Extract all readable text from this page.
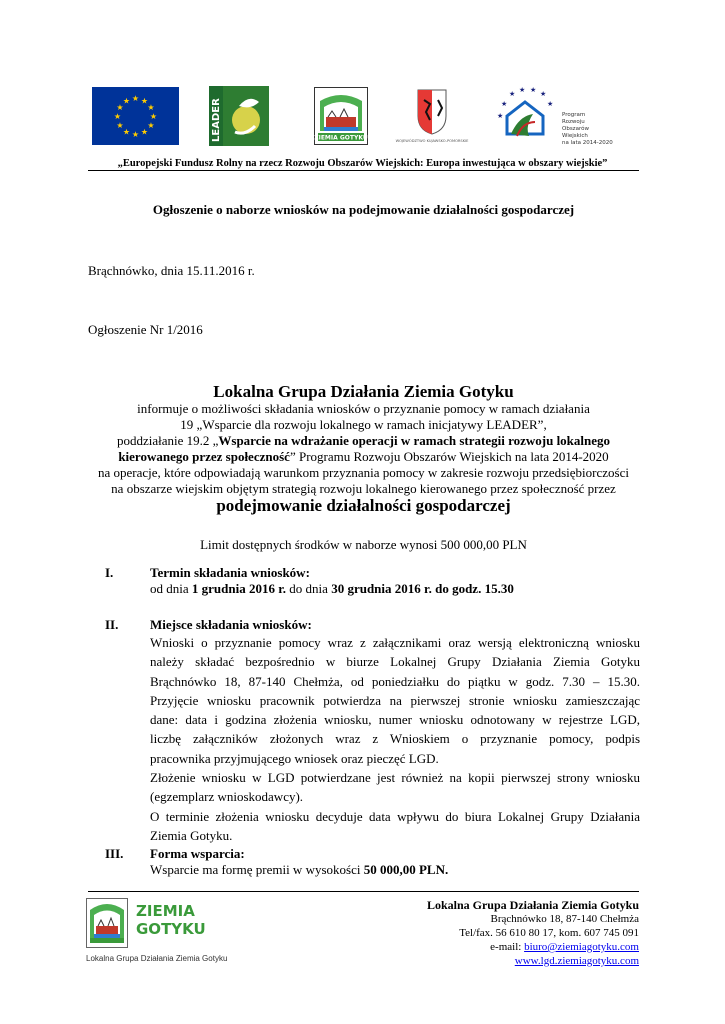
★ ★
★
★
★
★
★
★
★
★
★
★	LEADER	ZIEMIA GOTYKU	WOJEWÓDZTWO KUJAWSKO-POMORSKIE
★ ★ ★ ★
★	★
★	Program
Rozwoju
Obszarów
Wiejskich
na lata 2014-2020
„Europejski Fundusz Rolny na rzecz Rozwoju Obszarów Wiejskich: Europa inwestująca w obszary wiejskie”
Ogłoszenie o naborze wniosków na podejmowanie działalności gospodarczej
Brąchnówko, dnia 15.11.2016 r.
Ogłoszenie Nr 1/2016
Lokalna Grupa Działania Ziemia Gotyku
informuje o możliwości składania wniosków o przyznanie pomocy w ramach działania
19 „Wsparcie dla rozwoju lokalnego w ramach inicjatywy LEADER”,
poddziałanie 19.2 „Wsparcie na wdrażanie operacji w ramach strategii rozwoju lokalnego
kierowanego przez społeczność” Programu Rozwoju Obszarów Wiejskich na lata 2014-2020
na operacje, które odpowiadają warunkom przyznania pomocy w zakresie rozwoju przedsiębiorczości
na obszarze wiejskim objętym strategią rozwoju lokalnego kierowanego przez społeczność przez
podejmowanie działalności gospodarczej
Limit dostępnych środków w naborze wynosi 500 000,00 PLN
I.	Termin składania wniosków:
od dnia 1 grudnia 2016 r. do dnia 30 grudnia 2016 r. do godz. 15.30
II. Miejsce składania wniosków:
Wnioski o przyznanie pomocy wraz z załącznikami oraz wersją elektroniczną wniosku
należy składać bezpośrednio w biurze Lokalnej Grupy Działania Ziemia Gotyku
Brąchnówko 18, 87-140 Chełmża, od poniedziałku do piątku w godz. 7.30 – 15.30.
Przyjęcie wniosku pracownik potwierdza na pierwszej stronie wniosku zamieszczając
dane: data i godzina złożenia wniosku, numer wniosku odnotowany w rejestrze LGD,
liczbę załączników złożonych wraz z Wnioskiem o przyznanie pomocy, podpis
pracownika przyjmującego wniosek oraz pieczęć LGD.
Złożenie wniosku w LGD potwierdzane jest również na kopii pierwszej strony wniosku
(egzemplarz wnioskodawcy).
O terminie złożenia wniosku decyduje data wpływu do biura Lokalnej Grupy Działania
Ziemia Gotyku.
III. Forma wsparcia:
Wsparcie ma formę premii w wysokości 50 000,00 PLN.
ZIEMIA
GOTYKU
Lokalna Grupa Działania Ziemia Gotyku
Lokalna Grupa Działania Ziemia Gotyku
Brąchnówko 18, 87-140 Chełmża
Tel/fax. 56 610 80 17, kom. 607 745 091
e-mail: biuro@ziemiagotyku.com
www.lgd.ziemiagotyku.com
